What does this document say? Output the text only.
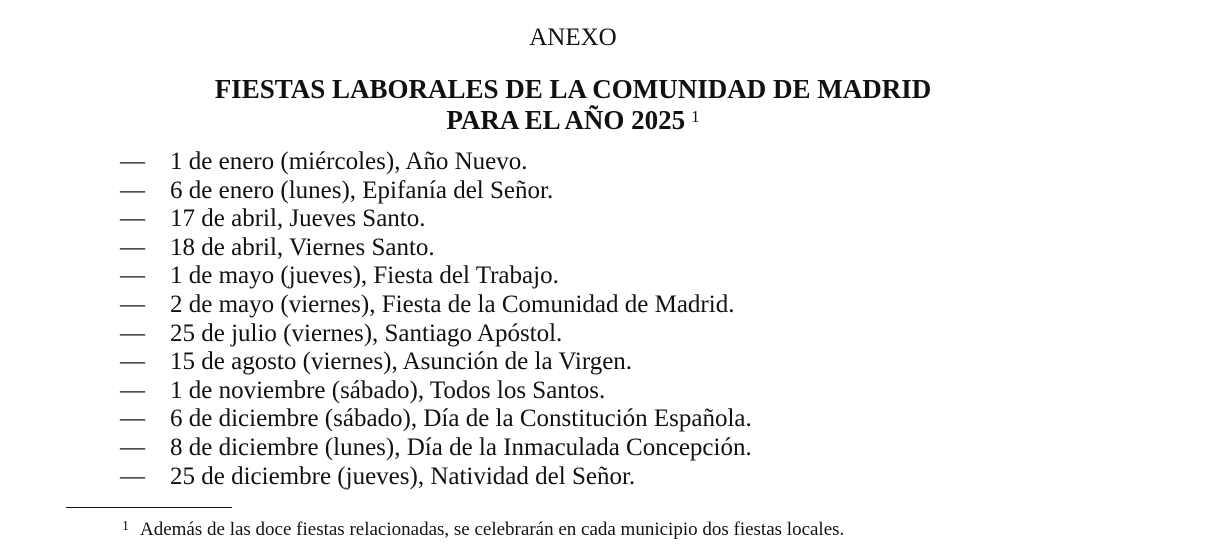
ANEXO
FIESTAS LABORALES DE LA COMUNIDAD DE MADRID
PARA EL AÑO 2025 $^1$
—	1 de enero (miércoles), Año Nuevo.
—	6 de enero (lunes), Epifanía del Señor.
—	17 de abril, Jueves Santo.
—	18 de abril, Viernes Santo.
—	1 de mayo (jueves), Fiesta del Trabajo.
—	2 de mayo (viernes), Fiesta de la Comunidad de Madrid.
—	25 de julio (viernes), Santiago Apóstol.
—	15 de agosto (viernes), Asunción de la Virgen.
—	1 de noviembre (sábado), Todos los Santos.
—	6 de diciembre (sábado), Día de la Constitución Española.
—	8 de diciembre (lunes), Día de la Inmaculada Concepción.
—	25 de diciembre (jueves), Natividad del Señor.
$^1$ Además de las doce fiestas relacionadas, se celebrarán en cada municipio dos fiestas locales.
